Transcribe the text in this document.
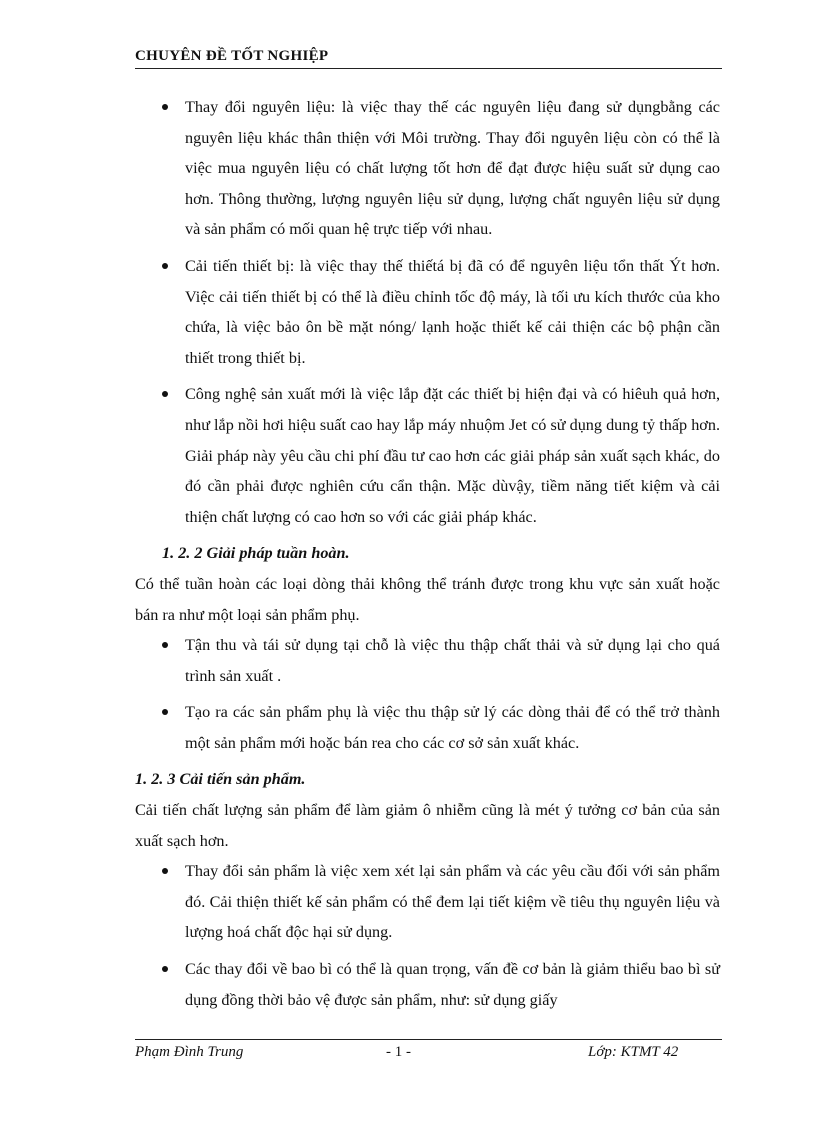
CHUYÊN ĐỀ TỐT NGHIỆP

Thay đổi nguyên liệu: là việc thay thế các nguyên liệu đang sử dụngbằng các nguyên liệu khác thân thiện với Môi trường. Thay đổi nguyên liệu còn có thể là việc mua nguyên liệu có chất lượng tốt hơn để đạt được hiệu suất sử dụng cao hơn. Thông thường, lượng nguyên liệu sử dụng, lượng chất nguyên liệu sử dụng và sản phẩm có mối quan hệ trực tiếp với nhau.

Cải tiến thiết bị: là việc thay thế thiếtá bị đã có để nguyên liệu tổn thất Ýt hơn. Việc cải tiến thiết bị có thể là điều chỉnh tốc độ máy, là tối ưu kích thước của kho chứa, là việc bảo ôn bề mặt nóng/ lạnh hoặc thiết kế cải thiện các bộ phận cần thiết trong thiết bị.

Công nghệ sản xuất mới là việc lắp đặt các thiết bị hiện đại và có hiêuh quả hơn, như lắp nồi hơi hiệu suất cao hay lắp máy nhuộm Jet có sử dụng dung tỷ thấp hơn. Giải pháp này yêu cầu chi phí đầu tư cao hơn các giải pháp sản xuất sạch khác, do đó cần phải được nghiên cứu cẩn thận. Mặc dùvậy, tiềm năng tiết kiệm và cải thiện chất lượng có cao hơn so với các giải pháp khác.

1. 2. 2 Giải pháp tuần hoàn.

Có thể tuần hoàn các loại dòng thải không thể tránh được trong khu vực sản xuất hoặc bán ra như một loại sản phẩm phụ.

Tận thu và tái sử dụng tại chỗ là việc thu thập chất thải và sử dụng lại cho quá trình sản xuất .

Tạo ra các sản phẩm phụ là việc thu thập sử lý các dòng thải để có thể trở thành một sản phẩm mới hoặc bán rea cho các cơ sở sản xuất khác.

1. 2. 3 Cải tiến sản phẩm.

Cải tiến chất lượng sản phẩm để làm giảm ô nhiễm cũng là mét ý tưởng cơ bản của sản xuất sạch hơn.

Thay đổi sản phẩm là việc xem xét lại sản phẩm và các yêu cầu đối với sản phẩm đó. Cải thiện thiết kế sản phẩm có thể đem lại tiết kiệm về tiêu thụ nguyên liệu và lượng hoá chất độc hại sử dụng.

Các thay đổi về bao bì có thể là quan trọng, vấn đề cơ bản là giảm thiểu bao bì sử dụng đồng thời bảo vệ được sản phẩm, như: sử dụng giấy

Phạm Đình Trung	- 1 -	Lớp: KTMT 42
